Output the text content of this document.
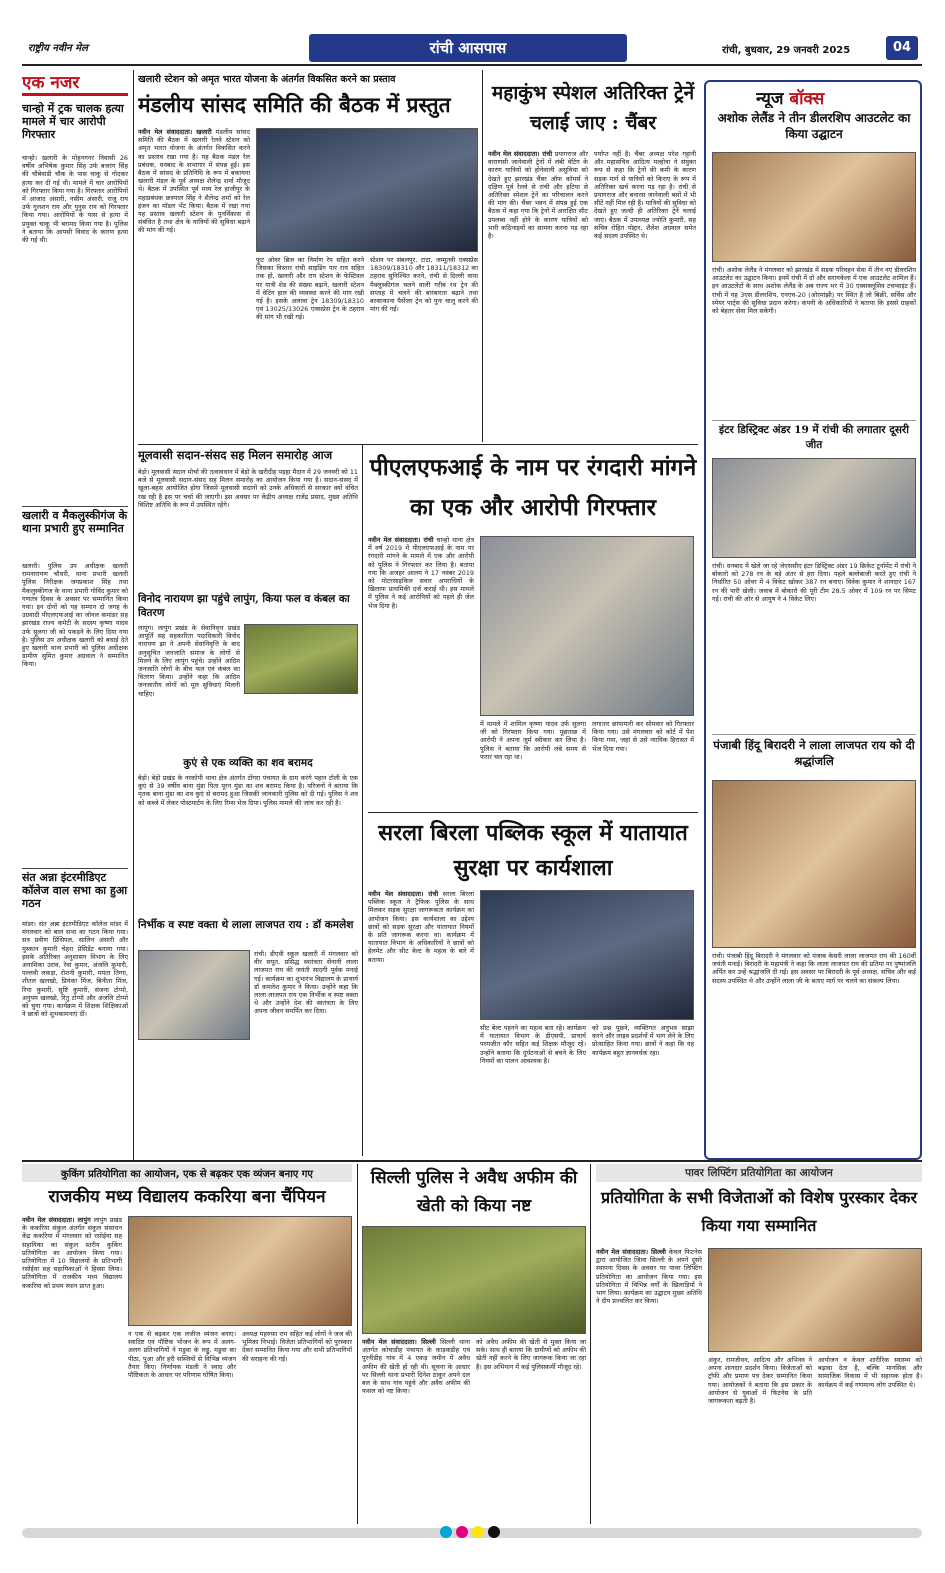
राष्ट्रीय नवीन मेल	रांची आसपास	रांची, बुधवार, 29 जनवरी 2025	04
एक नजर
चान्हो में ट्रक चालक हत्या मामले में चार आरोपी गिरफ्तार
चान्हो। खलारी के मोहनगनर निवासी 26 वर्षीय अभिषेक कुमार सिंह उर्फ बजरंग सिंह की चौबेवाडी चौक के पास चाकू से गोदकर हत्या कर दी गई थी। मामले में चार आरोपियों को गिरफ्तार किया गया है। गिरफ्तार आरोपियों में आजाद अंसारी, नसीम अंसारी, राजू राय उर्फ गुलशन राय और युनुस राय को गिरफ्तार किया गया। आरोपियों के पास से हत्या में प्रयुक्त चाकू भी बरामद किया गया है। पुलिस ने बताया कि आपसी विवाद के कारण हत्या की गई थी।
खलारी व मैकलुस्कीगंज के थाना प्रभारी हुए सम्मानित
खलारी। पुलिस उप अधीक्षक खलारी रामनारायण चौधरी, थाना प्रभारी खलारी पुलिस निरीक्षक जयप्रकाश सिंह तथा मैकलुस्कीगंज के थाना प्रभारी गोविंद कुमार को गणतंत्र दिवस के अवसर पर सम्मानित किया गया। इन दोनों को यह सम्मान दो जगह के उग्रवादी पीएलएफआई का जोनल कमांडर सह झारखंड राज्य कमेटी के सदस्य कृष्णा यादव उर्फ सुलगा जी को पकड़ने के लिए दिया गया है। पुलिस उप अधीक्षक खलारी को बधाई देते हुए खलारी थाना प्रभारी को पुलिस अधीक्षक ग्रामीण सुमित कुमार अग्रवाल ने सम्मानित किया।
संत अन्ना इंटरमीडिएट कॉलेज वाल सभा का हुआ गठन
मांडर। संत अन्ना इंटरमीडिएट कॉलेज मांडर में मंगलवार को बाल सभा का गठन किया गया। सत्र प्रवीण प्रिंसिपल, सालिन अंसारी और मुस्कान कुमारी चेहरा प्रेसिडेंट बनाया गया। इसके अतिरिक्त अनुशासन विभाग के लिए अनामिका उरांव, रेवा कुमार, अंजलि कुमारी, पल्लवी लकड़ा, रोशनी कुमारी, ममता तिग्गा, शीतल खलखो, प्रियंका मिंज, बिनीता मिंज, रिया कुमारी, सुष्टि कुमारी, संजना टोप्पो, अनुपम खलखो, रितु टोप्पो और अंजलि टोप्पो को चुना गया। कार्यक्रम में शिक्षक शिक्षिकाओं ने छात्रों को शुभकामनाएं दीं।
खलारी स्टेशन को अमृत भारत योजना के अंतर्गत विकसित करने का प्रस्ताव
मंडलीय सांसद समिति की बैठक में प्रस्तुत

नवीन मेल संवाददाता। खलारी मंडलीय सांसद समिति की बैठक में खलारी रेलवे स्टेशन को अमृत भारत योजना के अंतर्गत विकसित करने का प्रस्ताव रखा गया है। यह बैठक मंडल रेल प्रबंधक, धनबाद के सभागार में संपन्न हुई। इस बैठक में सांसद के प्रतिनिधि के रूप में बकायना खलारी मंडल के पूर्व अध्यक्ष शैलेन्द्र शर्मा मौजूद थे। बैठक में उपस्थित पूर्व मध्य रेल हाजीपुर के महाप्रबंधक छत्रपाल सिंह ने शैलेन्द्र शर्मा को रेल इंजन का मॉडल भेंट किया। बैठक में रखा गया यह प्रस्ताव खलारी स्टेशन के पुनर्विकास से संबंधित है तथा क्षेत्र के यात्रियों की सुविधा बढ़ाने की मांग की गई।

फुट ओवर ब्रिज का निर्माण रेप सहित करने जिसका विस्तार रांची साइडिंग पार राय सहित तक हो, खलारी और राय स्टेशन के फेस्टिवल पर यात्री शेड की संख्या बढ़ाने, खलारी स्टेशन में वेटिंग हाल की व्यवस्था करने की मांग रखी गई है। इसके अलावा ट्रेन 18309/18310 एवं 13025/13026 एक्सप्रेस ट्रेन के ठहराव की मांग भी रखी गई।
स्टेशन पर संबलपुर, टाटा, जम्मूतवी एक्सप्रेस 18309/18310 और 18311/18312 का ठहराव सुनिश्चित करने, रांची से दिल्ली वाया मैक्लुस्कीगंज चलने वाली गरीब रथ ट्रेन की सप्ताह में चलने की बारंबारता बढ़ाने तथा बरकाकाना पैसेंजर ट्रेन को पुनः चालू करने की मांग की गई।
महाकुंभ स्पेशल अतिरिक्त ट्रेनें चलाई जाए : चैंबर

नवीन मेल संवाददाता। रांची प्रयागराज और वाराणसी जानेवाली ट्रेनों में लंबी वेटिंग के कारण यात्रियों को होनेवाली असुविधा को देखते हुए झारखंड चैंबर ऑफ कॉमर्स ने दक्षिण पूर्व रेलवे से रांची और हटिया से अतिरिक्त स्पेशल ट्रेनें का परिचालन करने की मांग की। चैंबर भवन में संपन्न हुई एक बैठक में कहा गया कि ट्रेनों में आरक्षित सीट उपलब्ध नहीं होने के कारण यात्रियों को भारी कठिनाइयों का सामना करना पड़ रहा है।

पर्याप्त नहीं है। चैंबर अध्यक्ष परेश गट्टानी और महासचिव आदित्य मल्होत्रा ने संयुक्त रूप से कहा कि ट्रेनों की कमी के कारण सड़क मार्ग से यात्रियों को किराए के रूप में अतिरिक्त खर्च करना पड़ रहा है। रांची से प्रयागराज और बनारस जानेवाली बसों में भी सीटें नहीं मिल रही हैं। यात्रियों की सुविधा को देखते हुए जल्दी ही अतिरिक्त ट्रेनें चलाई जाएं। बैठक में उपाध्यक्ष ज्योति कुमारी, सह सचिव रोहित पोद्दार, शैलेश अग्रवाल समेत कई सदस्य उपस्थित थे।
न्यूज बॉक्स
अशोक लेलैंड ने तीन डीलरशिप आउटलेट का किया उद्घाटन
रांची। अशोक लेलैंड ने मंगलवार को झारखंड में सड़क परिवहन सेवा में तीन नए डीलरशिप आउटलेट का उद्घाटन किया। इनमें रांची में दो और सरायकेला में एक आउटलेट शामिल हैं। इन आउटलेटों के साथ अशोक लेलैंड के अब राज्य भर में 30 एक्सक्लूसिव टचप्वाइंट हैं। रांची में यह 3एस डीलरशिप, एनएच-20 (ओरमांझी) पर स्थित है जो बिक्री, सर्विस और स्पेयर पार्ट्स की सुविधा प्रदान करेगा। कंपनी के अधिकारियों ने बताया कि इससे ग्राहकों को बेहतर सेवा मिल सकेगी।
इंटर डिस्ट्रिक्ट अंडर 19 में रांची की लगातार दूसरी जीत
रांची। धनबाद में खेले जा रहे जेएससीए इंटर डिस्ट्रिक्ट अंडर 19 क्रिकेट टूर्नामेंट में रांची ने बोकारो को 278 रन के बड़े अंतर से हरा दिया। पहले बल्लेबाजी करते हुए रांची ने निर्धारित 50 ओवर में 4 विकेट खोकर 387 रन बनाए। विवेक कुमार ने शानदार 167 रन की पारी खेली। जवाब में बोकारो की पूरी टीम 28.5 ओवर में 109 रन पर सिमट गई। रांची की ओर से आयुष ने 4 विकेट लिए।
पंजाबी हिंदू बिरादरी ने लाला लाजपत राय को दी श्रद्धांजलि
रांची। पंजाबी हिंदू बिरादरी ने मंगलवार को पंजाब केसरी लाला लाजपत राय की 160वीं जयंती मनाई। बिरादरी के महामंत्री ने कहा कि लाला लाजपत राय की प्रतिमा पर पुष्पांजलि अर्पित कर उन्हें श्रद्धांजलि दी गई। इस अवसर पर बिरादरी के पूर्व अध्यक्ष, सचिव और कई सदस्य उपस्थित थे और उन्होंने लाला जी के बताए मार्ग पर चलने का संकल्प लिया।
मूलवासी सदान-संसद सह मिलन समारोह आज
बेड़ो। मूलवासी सदान मोर्चा की तत्वावधान में बेड़ो के खरीदीह पड़हा मैदान में 29 जनवरी को 11 बजे से मूलवासी सदान-संसद सह मिलन समारोह का आयोजन किया गया है। सदान-संसद में खुला-बहस आयोजित होगा जिसमें मूलवासी सदानों को उनके अधिकारों से सरकार क्यों वंचित रख रही है इस पर चर्चा की जाएगी। इस अवसर पर केंद्रीय अध्यक्ष राजेंद्र प्रसाद, मुख्य अतिथि विशिष्ट अतिथि के रूप में उपस्थित रहेंगे।
विनोद नारायण झा पहुंचे लापुंग, किया फल व कंबल का वितरण
लापुंग। लापुंग प्रखंड के सेवानिवृत्त प्रखंड आपूर्ति सह सहकारिता पदाधिकारी विनोद नारायण झा ने अपनी सेवानिवृत्ति के बाद अनुसूचित जनजाति समाज के लोगों से मिलने के लिए लापुंग पहुंचे। उन्होंने आदिम जनजाति लोगों के बीच फल एवं कंबल का वितरण किया। उन्होंने कहा कि आदिम जनजातीय लोगों को मूल सुविधाएं मिलनी चाहिए।
कुएं से एक व्यक्ति का शव बरामद
बेड़ो। बेड़ो प्रखंड के नरकोपी थाना क्षेत्र अंतर्गत टोंगरा पंचायत के ग्राम करंगे पहान टोली के एक कुएं से 39 वर्षीय बाना मुंडा पिता पूरन मुंडा का शव बरामद किया है। परिजनों ने बताया कि मृतक बाना मुंडा का शव कुएं से बरामद हुआ जिसकी जानकारी पुलिस को दी गई। पुलिस ने शव को कब्जे में लेकर पोस्टमार्टम के लिए रिम्स भेज दिया। पुलिस मामले की जांच कर रही है।
निर्भीक व स्पष्ट वक्ता थे लाला लाजपत राय : डॉ कमलेश
रांची। डीएवी स्कूल खलारी में मंगलवार को वीर सपूत, प्रसिद्ध स्वतंत्रता सेनानी लाला लाजपत राय की जयंती सादगी पूर्वक मनाई गई। कार्यक्रम का शुभारंभ विद्यालय के प्राचार्य डॉ कमलेश कुमार ने किया। उन्होंने कहा कि लाला लाजपत राय एक निर्भीक व स्पष्ट वक्ता थे और उन्होंने देश की स्वतंत्रता के लिए अपना जीवन समर्पित कर दिया।
पीएलएफआई के नाम पर रंगदारी मांगने का एक और आरोपी गिरफ्तार

नवीन मेल संवाददाता। रांची चान्हो थाना क्षेत्र में वर्ष 2019 में पीएलएफआई के नाम पर रंगदारी मांगने के मामले में एक और आरोपी को पुलिस ने गिरफ्तार कर लिया है। बताया गया कि अजहर आलम ने 17 नवंबर 2019 को मोटरसाइकिल सवार अपराधियों के खिलाफ प्राथमिकी दर्ज कराई थी। इस मामले में पुलिस ने कई आरोपियों को पहले ही जेल भेज दिया है।

में मामले में शामिल कृष्णा यादव उर्फ सुलगा जी को गिरफ्तार किया गया। पूछताछ में आरोपी ने अपना जुर्म स्वीकार कर लिया है। पुलिस ने बताया कि आरोपी लंबे समय से फरार चल रहा था।
लगातार छापामारी कर सोमवार को गिरफ्तार किया गया। उसे मंगलवार को कोर्ट में पेश किया गया, जहां से उसे न्यायिक हिरासत में भेज दिया गया।
सरला बिरला पब्लिक स्कूल में यातायात सुरक्षा पर कार्यशाला

नवीन मेल संवाददाता। रांची सरला बिरला पब्लिक स्कूल ने ट्रैफिक पुलिस के साथ मिलकर सड़क सुरक्षा जागरूकता कार्यक्रम का आयोजन किया। इस कार्यशाला का उद्देश्य छात्रों को सड़क सुरक्षा और यातायात नियमों के प्रति जागरूक करना था। कार्यक्रम में यातायात विभाग के अधिकारियों ने छात्रों को हेलमेट और सीट बेल्ट के महत्व के बारे में बताया।

सीट बेल्ट पहनने का महत्व बता रहे। कार्यक्रम में यातायात विभाग के डीएसपी, प्राचार्य परमजीत कौर सहित कई शिक्षक मौजूद रहे। उन्होंने बताया कि दुर्घटनाओं से बचने के लिए नियमों का पालन आवश्यक है।
को प्रश्न पूछने, व्यक्तिगत अनुभव साझा करने और लाइव प्रदर्शनों में भाग लेने के लिए प्रोत्साहित किया गया। छात्रों ने कहा कि यह कार्यक्रम बहुत ज्ञानवर्धक रहा।
कुकिंग प्रतियोगिता का आयोजन, एक से बढ़कर एक व्यंजन बनाए गए
राजकीय मध्य विद्यालय ककरिया बना चैंपियन

नवीन मेल संवाददाता। लापुंग लापुंग प्रखंड के ककरिया संकुल अंतर्गत संकुल संसाधन केंद्र ककरिया में मंगलवार को रसोईया सह सहायिका का संकुल स्तरीय कुकिंग प्रतियोगिता का आयोजन किया गया। प्रतियोगिता में 10 विद्यालयों के प्रतिभागी रसोईया सह सहायिकाओं ने हिस्सा लिया। प्रतियोगिता में राजकीय मध्य विद्यालय ककरिया को प्रथम स्थान प्राप्त हुआ।

न एक से बढ़कर एक लजीज व्यंजन बनाए। स्वादिष्ट एवं पौष्टिक भोजन के रूप में अलग-अलग प्रतिभागियों ने मडुवा के लड्डू, मडुवा का पीठा, पुआ और हरी सब्जियों से विभिन्न व्यंजन तैयार किए। निर्णायक मंडली ने स्वाद और पौष्टिकता के आधार पर परिणाम घोषित किया।
अध्यक्ष महरुफ़ा राम सहित कई लोगों ने जज की भूमिका निभाई। विजेता प्रतिभागियों को पुरस्कार देकर सम्मानित किया गया और सभी प्रतिभागियों की सराहना की गई।
सिल्ली पुलिस ने अवैध अफीम की खेती को किया नष्ट

नवीन मेल संवाददाता। सिल्ली सिल्ली थाना अंतर्गत कोचाडीह पंचायत के काड़कडीह एवं पुरनीडीह गांव में 4 एकड़ जमीन में अवैध अफीम की खेती हो रही थी। सूचना के आधार पर सिल्ली थाना प्रभारी दिनेश ठाकुर अपने दल बल के साथ गांव पहुंचे और अवैध अफीम की फसल को नष्ट किया।

को अवैध अफीम की खेती से मुक्त किया जा सके। साथ ही बताया कि ग्रामीणों को अफीम की खेती नहीं करने के लिए जागरूक किया जा रहा है। इस अभियान में कई पुलिसकर्मी मौजूद रहे।
पावर लिफ्टिंग प्रतियोगिता का आयोजन
प्रतियोगिता के सभी विजेताओं को विशेष पुरस्कार देकर किया गया सम्मानित

नवीन मेल संवाददाता। सिल्ली केवल फिटनेस द्वारा आयोजित जिला सिल्ली के अपने दूसरे स्थापना दिवस के अवसर पर पावर लिफ्टिंग प्रतियोगिता का आयोजन किया गया। इस प्रतियोगिता में विभिन्न वर्गों के खिलाड़ियों ने भाग लिया। कार्यक्रम का उद्घाटन मुख्य अतिथि ने दीप प्रज्वलित कर किया।

अंकुर, रामजीवन, आदित्य और अभिनव ने अपना शानदार प्रदर्शन किया। विजेताओं को ट्रॉफी और प्रमाण पत्र देकर सम्मानित किया गया। आयोजकों ने बताया कि इस प्रकार के आयोजन से युवाओं में फिटनेस के प्रति जागरूकता बढ़ती है।
आयोजन न केवल शारीरिक स्वास्थ्य को बढ़ावा देता है, बल्कि मानसिक और सामाजिक विकास में भी सहायक होता है। कार्यक्रम में कई गणमान्य लोग उपस्थित थे।
